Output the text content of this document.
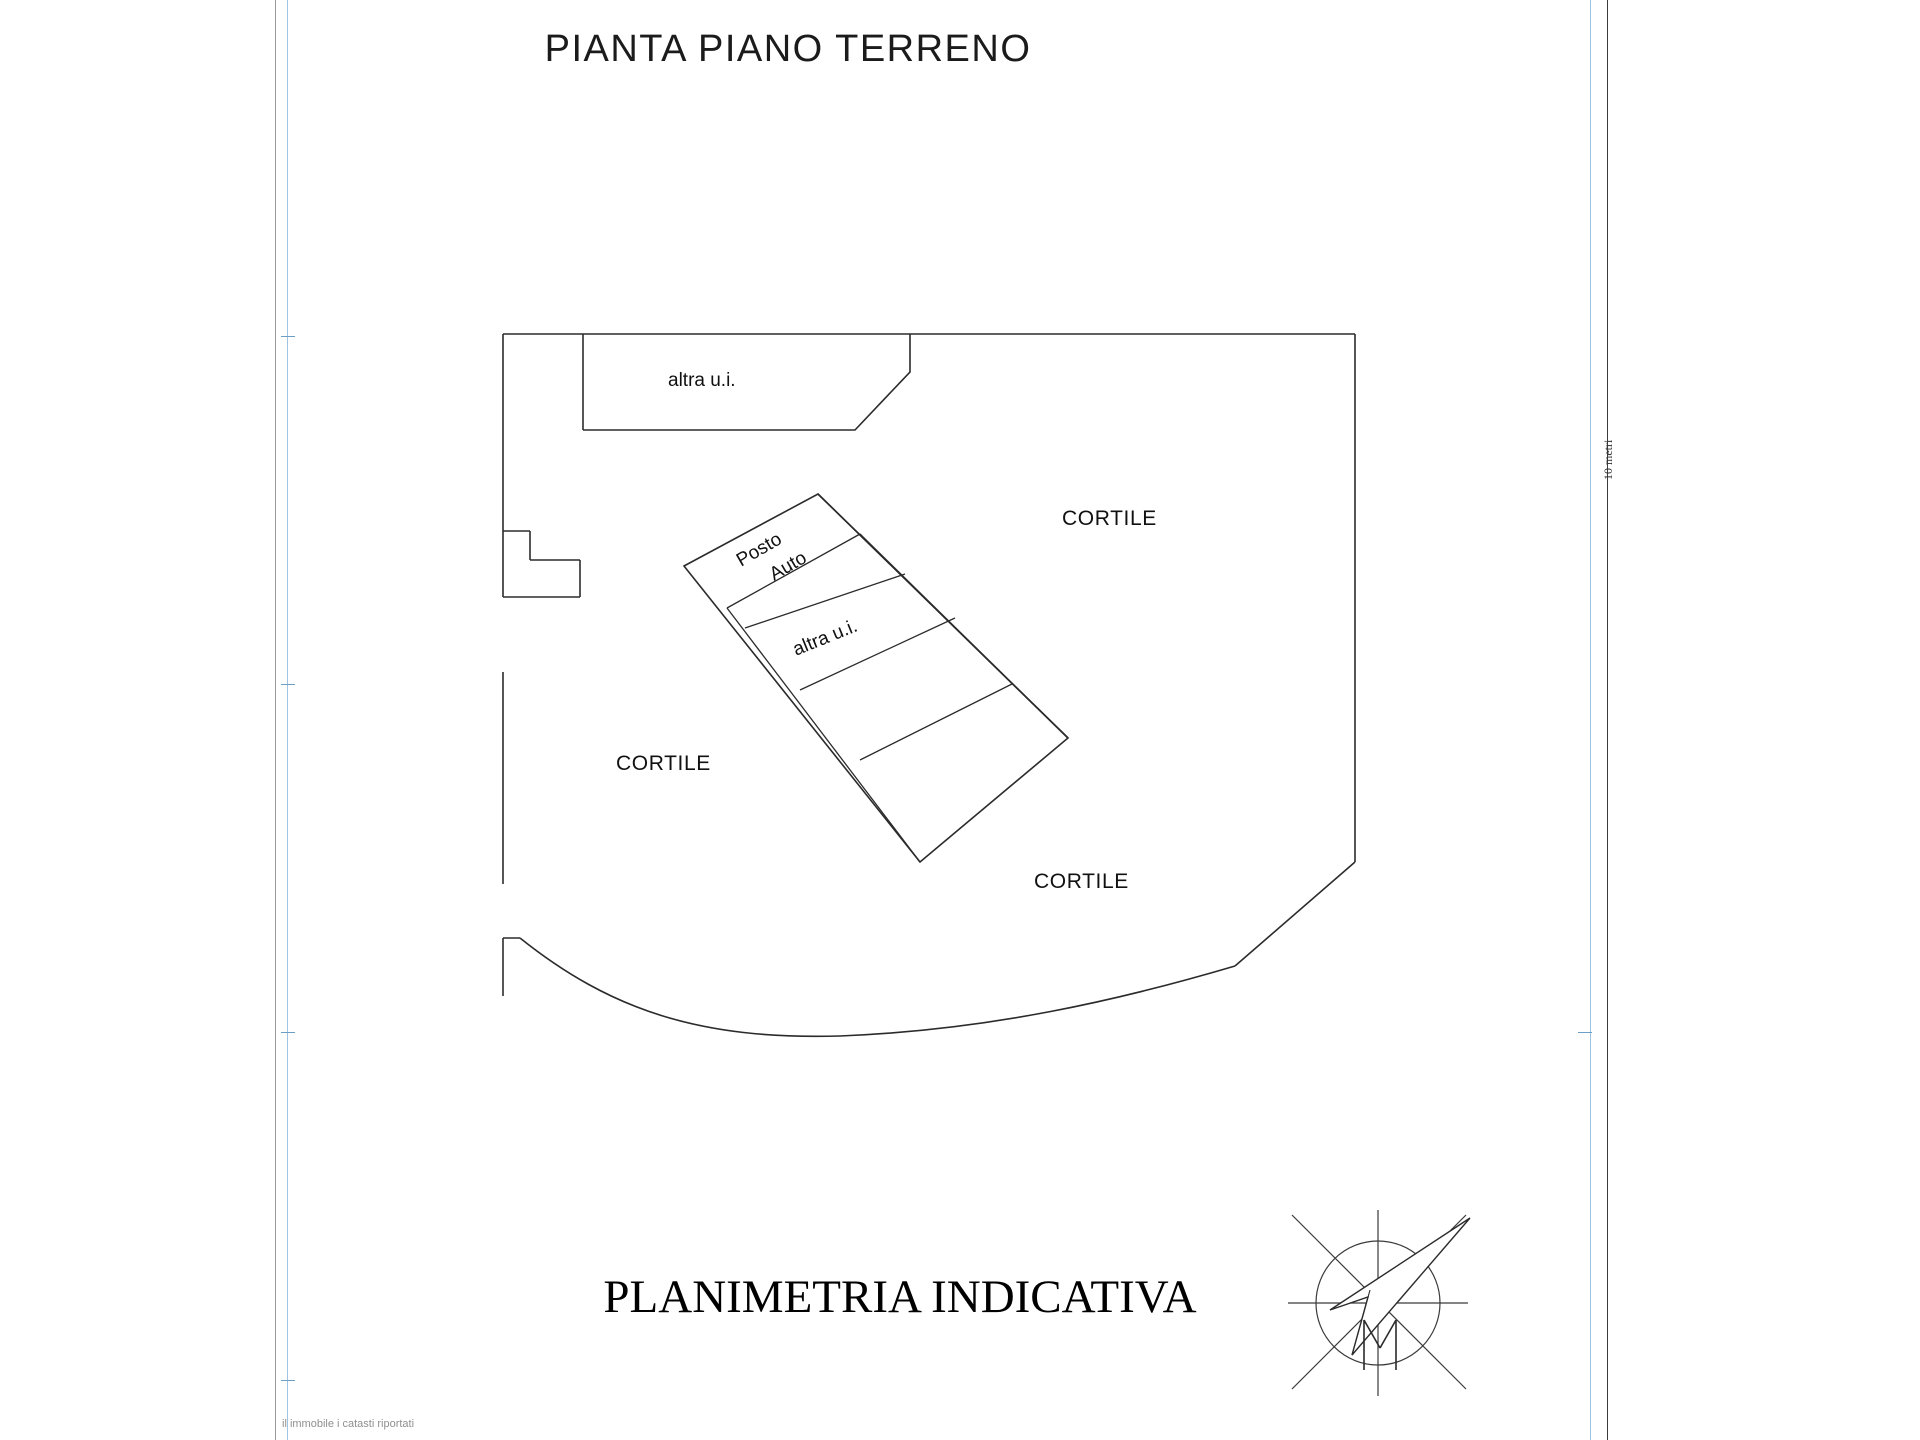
altra u.i.
CORTILE
CORTILE
CORTILE
Posto
Auto
altra u.i.
PIANTA PIANO TERRENO
PLANIMETRIA INDICATIVA
10 metri
il immobile i catasti riportati
